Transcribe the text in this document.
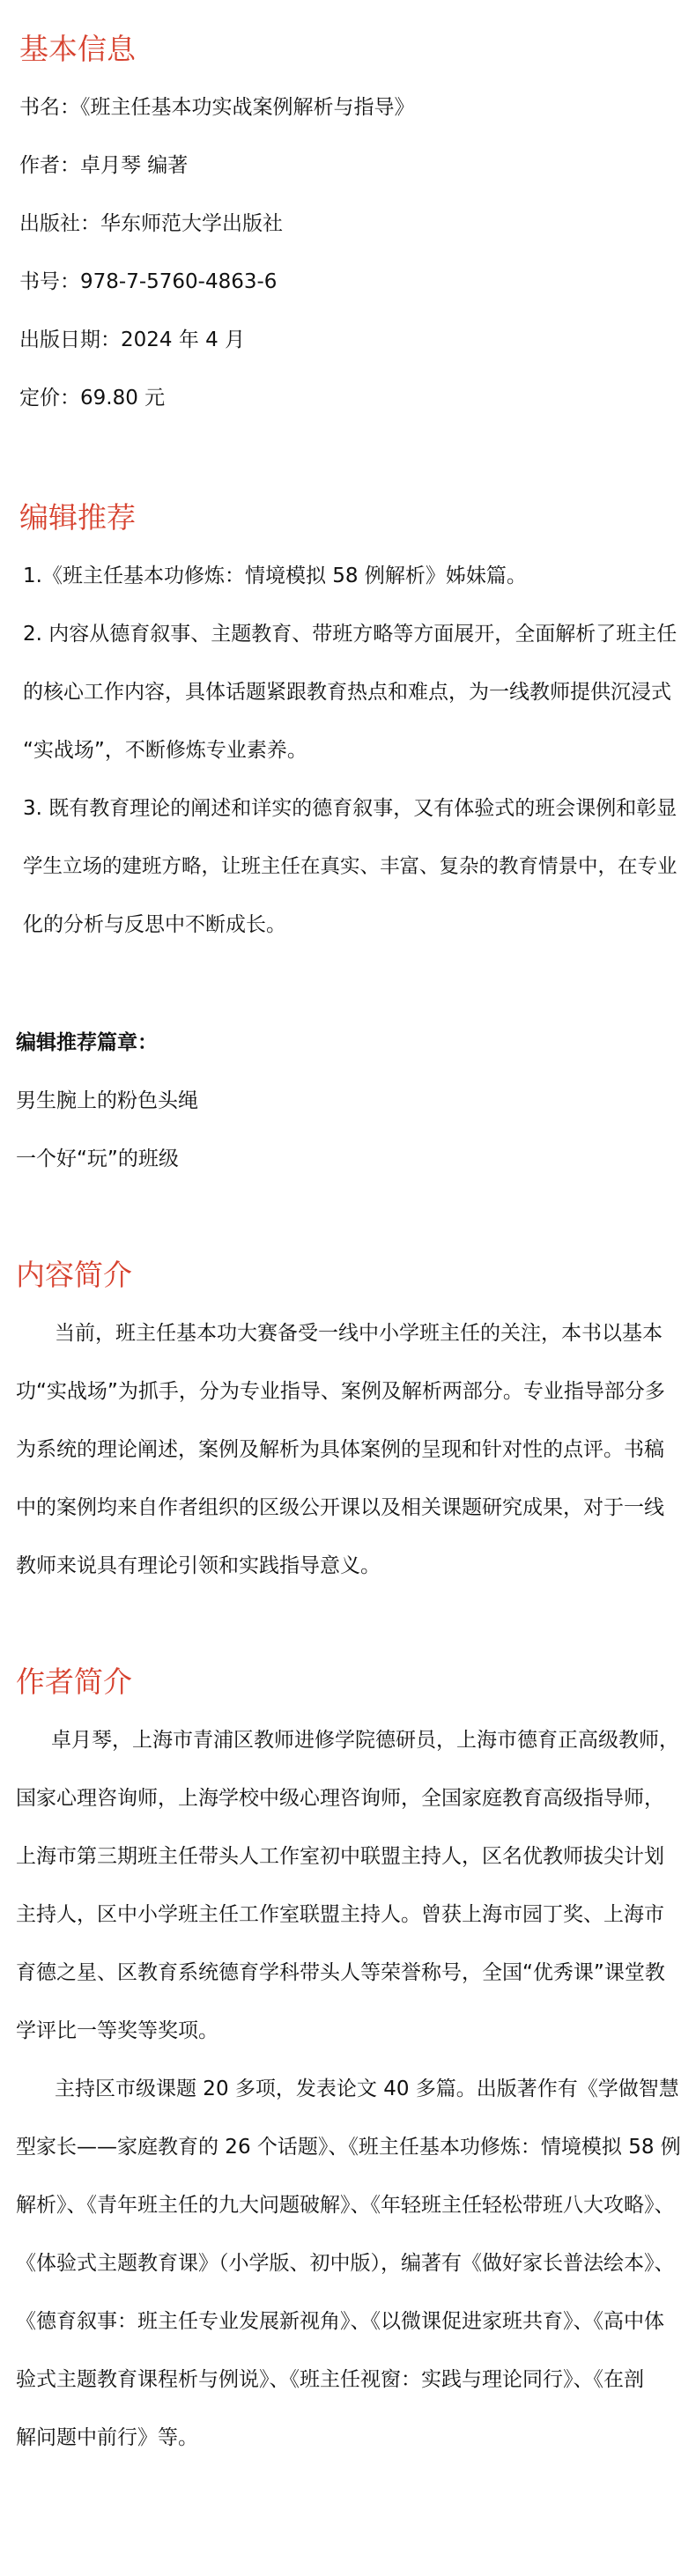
基本信息

书名：《班主任基本功实战案例解析与指导》

作者：卓月琴 编著

出版社：华东师范大学出版社

书号：978-7-5760-4863-6

出版日期：2024 年 4 月

定价：69.80 元

编辑推荐

1.《班主任基本功修炼：情境模拟 58 例解析》姊妹篇。

2. 内容从德育叙事、主题教育、带班方略等方面展开，全面解析了班主任

的核心工作内容，具体话题紧跟教育热点和难点，为一线教师提供沉浸式

“实战场”，不断修炼专业素养。

3. 既有教育理论的阐述和详实的德育叙事，又有体验式的班会课例和彰显

学生立场的建班方略，让班主任在真实、丰富、复杂的教育情景中，在专业

化的分析与反思中不断成长。

编辑推荐篇章：

男生腕上的粉色头绳

一个好“玩”的班级

内容简介

当前，班主任基本功大赛备受一线中小学班主任的关注，本书以基本

功“实战场”为抓手，分为专业指导、案例及解析两部分。专业指导部分多

为系统的理论阐述，案例及解析为具体案例的呈现和针对性的点评。书稿

中的案例均来自作者组织的区级公开课以及相关课题研究成果，对于一线

教师来说具有理论引领和实践指导意义。

作者简介

卓月琴，上海市青浦区教师进修学院德研员，上海市德育正高级教师，

国家心理咨询师，上海学校中级心理咨询师，全国家庭教育高级指导师，

上海市第三期班主任带头人工作室初中联盟主持人，区名优教师拔尖计划

主持人，区中小学班主任工作室联盟主持人。曾获上海市园丁奖、上海市

育德之星、区教育系统德育学科带头人等荣誉称号，全国“优秀课”课堂教

学评比一等奖等奖项。

主持区市级课题 20 多项，发表论文 40 多篇。出版著作有《学做智慧

型家长——家庭教育的 26 个话题》、《班主任基本功修炼：情境模拟 58 例

解析》、《青年班主任的九大问题破解》、《年轻班主任轻松带班八大攻略》、

《体验式主题教育课》（小学版、初中版），编著有《做好家长普法绘本》、

《德育叙事：班主任专业发展新视角》、《以微课促进家班共育》、《高中体

验式主题教育课程析与例说》、《班主任视窗：实践与理论同行》、《在剖

解问题中前行》等。
